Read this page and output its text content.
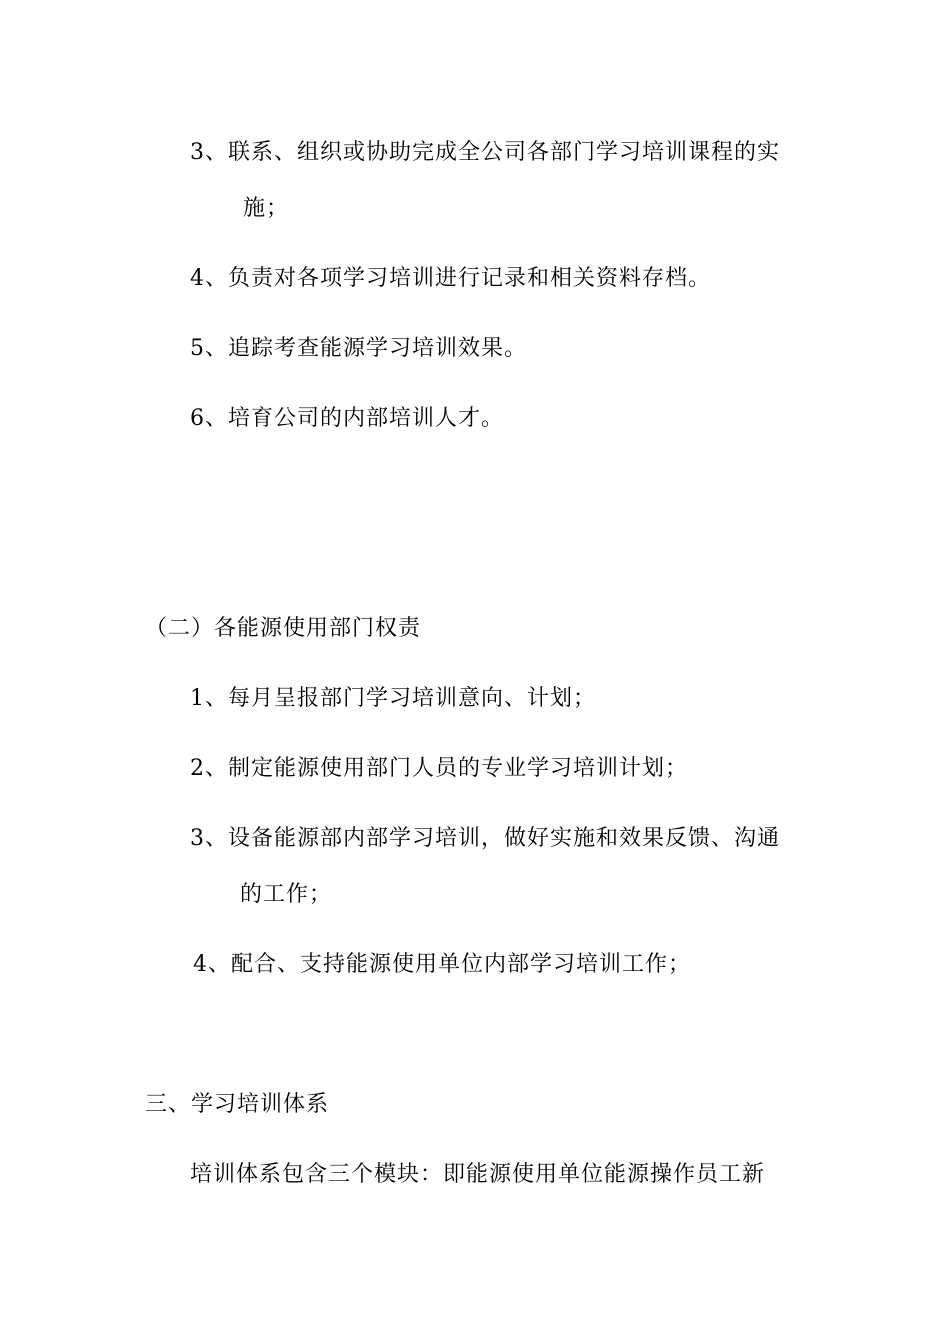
3、联系、组织或协助完成全公司各部门学习培训课程的实
施；
4、负责对各项学习培训进行记录和相关资料存档。
5、追踪考查能源学习培训效果。
6、培育公司的内部培训人才。
（二）各能源使用部门权责
1、每月呈报部门学习培训意向、计划；
2、制定能源使用部门人员的专业学习培训计划；
3、设备能源部内部学习培训，做好实施和效果反馈、沟通
的工作；
4、配合、支持能源使用单位内部学习培训工作；
三、学习培训体系
培训体系包含三个模块：即能源使用单位能源操作员工新
